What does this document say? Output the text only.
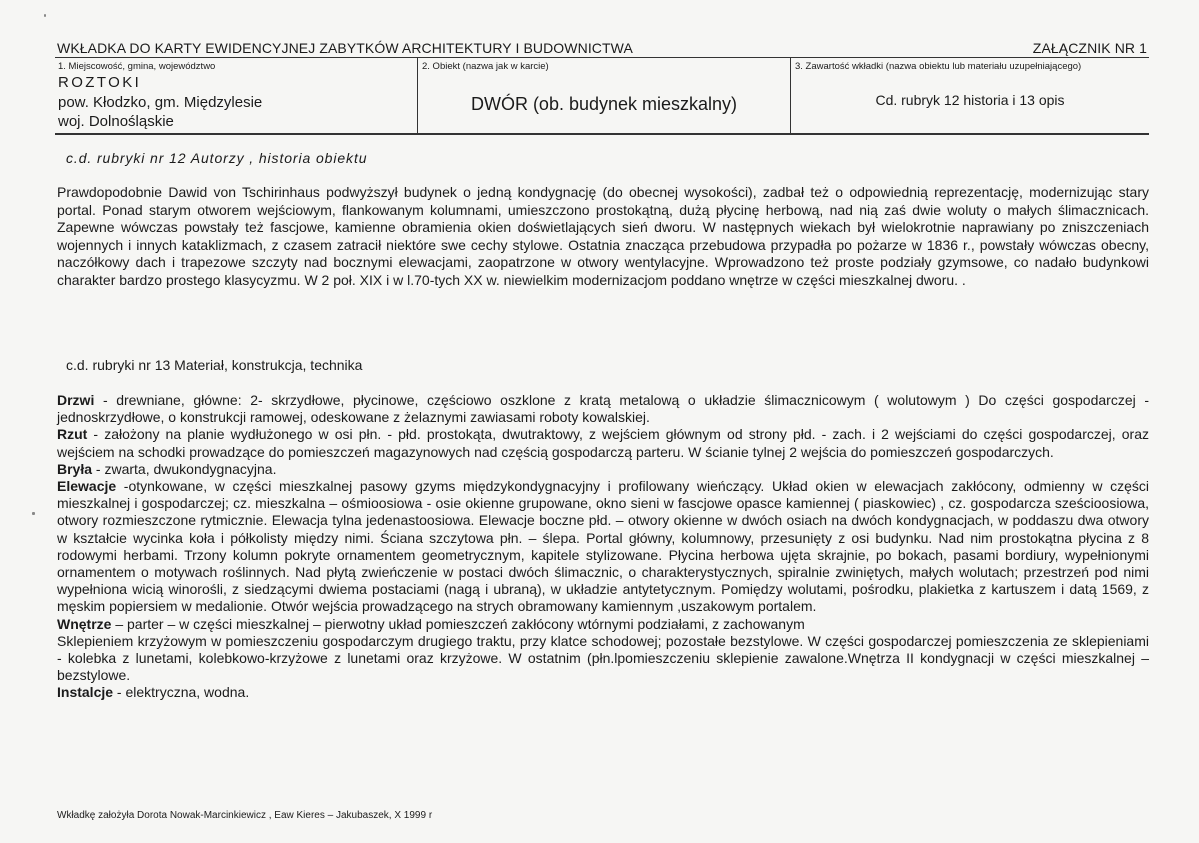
WKŁADKA DO KARTY EWIDENCYJNEJ ZABYTKÓW ARCHITEKTURY I BUDOWNICTWA	ZAŁĄCZNIK NR 1
1. Miejscowość, gmina, województwo
ROZTOKI
pow. Kłodzko, gm. Międzylesie
woj. Dolnośląskie
2. Obiekt (nazwa jak w karcie)
DWÓR (ob. budynek mieszkalny)
3. Zawartość wkładki (nazwa obiektu lub materiału uzupełniającego)
Cd. rubryk 12 historia i 13 opis
c.d. rubryki nr 12 Autorzy , historia obiektu
Prawdopodobnie Dawid von Tschirinhaus podwyższył budynek o jedną kondygnację (do obecnej wysokości), zadbał też o odpowiednią reprezentację, modernizując stary portal. Ponad starym otworem wejściowym, flankowanym kolumnami, umieszczono prostokątną, dużą płycinę herbową, nad nią zaś dwie woluty o małych ślimacznicach. Zapewne wówczas powstały też fascjowe, kamienne obramienia okien doświetlających sień dworu. W następnych wiekach był wielokrotnie naprawiany po zniszczeniach wojennych i innych kataklizmach, z czasem zatracił niektóre swe cechy stylowe. Ostatnia znacząca przebudowa przypadła po pożarze w 1836 r., powstały wówczas obecny, naczółkowy dach i trapezowe szczyty nad bocznymi elewacjami, zaopatrzone w otwory wentylacyjne. Wprowadzono też proste podziały gzymsowe, co nadało budynkowi charakter bardzo prostego klasycyzmu. W 2 poł. XIX i w l.70-tych XX w. niewielkim modernizacjom poddano wnętrze w części mieszkalnej dworu. .
c.d. rubryki nr 13 Materiał, konstrukcja, technika

Drzwi - drewniane, główne: 2- skrzydłowe, płycinowe, częściowo oszklone z kratą metalową o układzie ślimacznicowym ( wolutowym ) Do części gospodarczej - jednoskrzydłowe, o konstrukcji ramowej, odeskowane z żelaznymi zawiasami roboty kowalskiej.

Rzut - założony na planie wydłużonego w osi płn. - płd. prostokąta, dwutraktowy, z wejściem głównym od strony płd. - zach. i 2 wejściami do części gospodarczej, oraz wejściem na schodki prowadzące do pomieszczeń magazynowych nad częścią gospodarczą parteru. W ścianie tylnej 2 wejścia do pomieszczeń gospodarczych.

Bryła - zwarta, dwukondygnacyjna.

Elewacje -otynkowane, w części mieszkalnej pasowy gzyms międzykondygnacyjny i profilowany wieńczący. Układ okien w elewacjach zakłócony, odmienny w części mieszkalnej i gospodarczej; cz. mieszkalna – ośmioosiowa - osie okienne grupowane, okno sieni w fascjowe opasce kamiennej ( piaskowiec) , cz. gospodarcza sześcioosiowa, otwory rozmieszczone rytmicznie. Elewacja tylna jedenastoosiowa. Elewacje boczne płd. – otwory okienne w dwóch osiach na dwóch kondygnacjach, w poddaszu dwa otwory w kształcie wycinka koła i półkolisty między nimi. Ściana szczytowa płn. – ślepa. Portal główny, kolumnowy, przesunięty z osi budynku. Nad nim prostokątna płycina z 8 rodowymi herbami. Trzony kolumn pokryte ornamentem geometrycznym, kapitele stylizowane. Płycina herbowa ujęta skrajnie, po bokach, pasami bordiury, wypełnionymi ornamentem o motywach roślinnych. Nad płytą zwieńczenie w postaci dwóch ślimacznic, o charakterystycznych, spiralnie zwiniętych, małych wolutach; przestrzeń pod nimi wypełniona wicią winorośli, z siedzącymi dwiema postaciami (nagą i ubraną), w układzie antytetycznym. Pomiędzy wolutami, pośrodku, plakietka z kartuszem i datą 1569, z męskim popiersiem w medalionie. Otwór wejścia prowadzącego na strych obramowany kamiennym ,uszakowym portalem.

Wnętrze – parter – w części mieszkalnej – pierwotny układ pomieszczeń zakłócony wtórnymi podziałami, z zachowanym

Sklepieniem krzyżowym w pomieszczeniu gospodarczym drugiego traktu, przy klatce schodowej; pozostałe bezstylowe. W części gospodarczej pomieszczenia ze sklepieniami - kolebka z lunetami, kolebkowo-krzyżowe z lunetami oraz krzyżowe. W ostatnim (płn.lpomieszczeniu sklepienie zawalone.Wnętrza II kondygnacji w części mieszkalnej – bezstylowe.

Instalcje - elektryczna, wodna.

Wkładkę założyła Dorota Nowak-Marcinkiewicz , Eaw Kieres – Jakubaszek, X 1999 r
